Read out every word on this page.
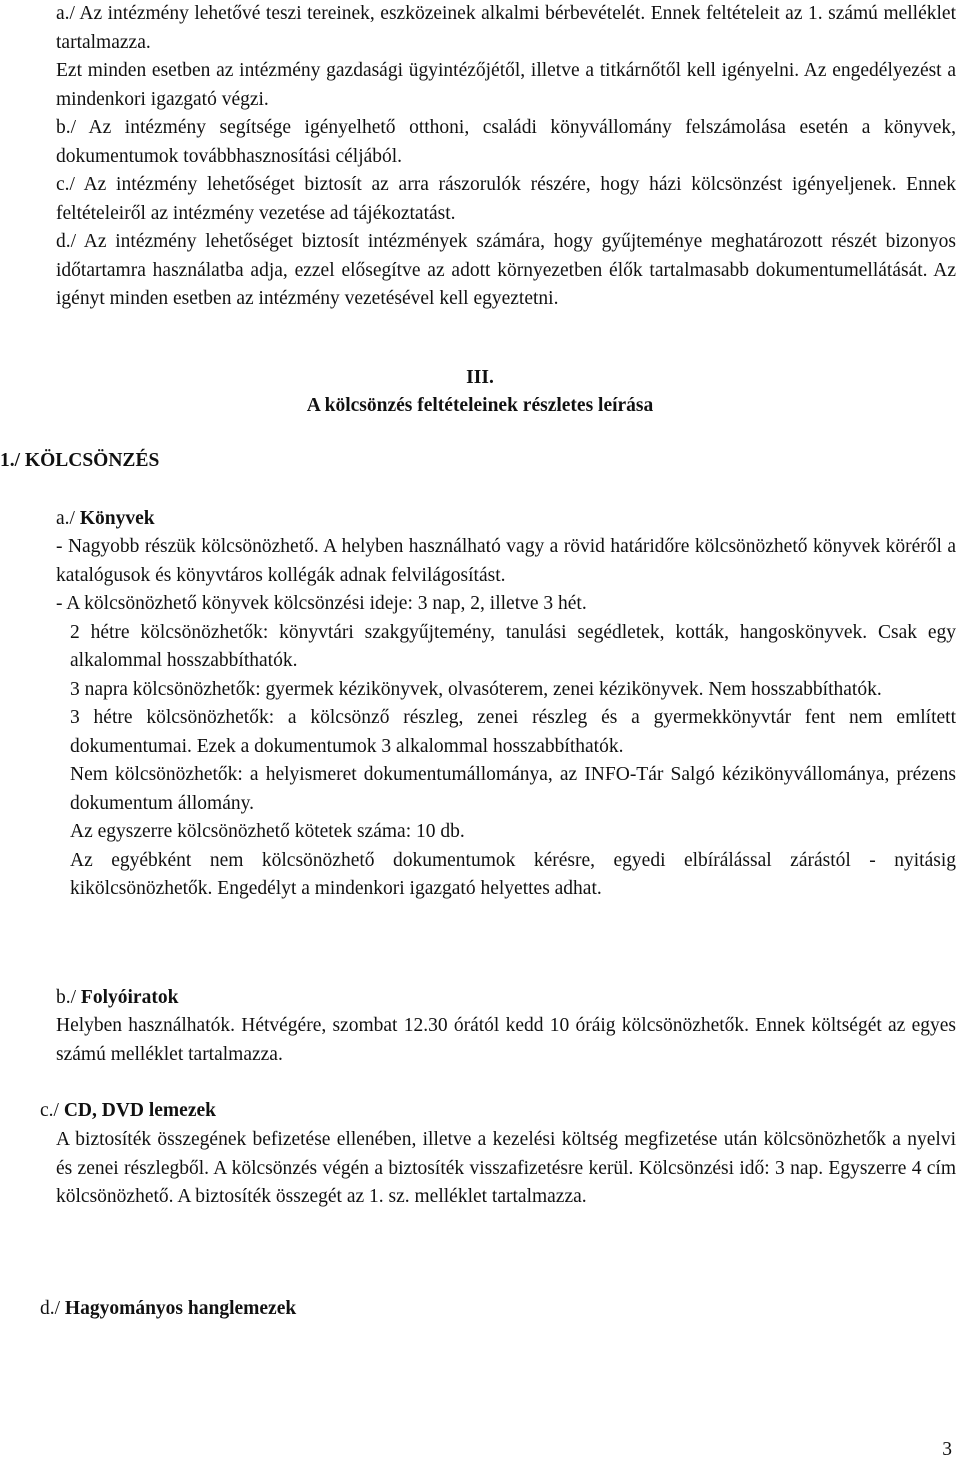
a./ Az intézmény lehetővé teszi tereinek, eszközeinek alkalmi bérbevételét. Ennek feltételeit az 1. számú melléklet tartalmazza.

Ezt minden esetben az intézmény gazdasági ügyintézőjétől, illetve a titkárnőtől kell igényelni. Az engedélyezést a mindenkori igazgató végzi.

b./ Az intézmény segítsége igényelhető otthoni, családi könyvállomány felszámolása esetén a könyvek, dokumentumok továbbhasznosítási céljából.

c./ Az intézmény lehetőséget biztosít az arra rászorulók részére, hogy házi kölcsönzést igényeljenek. Ennek feltételeiről az intézmény vezetése ad tájékoztatást.

d./ Az intézmény lehetőséget biztosít intézmények számára, hogy gyűjteménye meghatározott részét bizonyos időtartamra használatba adja, ezzel elősegítve az adott környezetben élők tartalmasabb dokumentumellátását. Az igényt minden esetben az intézmény vezetésével kell egyeztetni.

III.
A kölcsönzés feltételeinek részletes leírása
1./ KÖLCSÖNZÉS
a./ Könyvek

- Nagyobb részük kölcsönözhető. A helyben használható vagy a rövid határidőre kölcsönözhető könyvek köréről a katalógusok és könyvtáros kollégák adnak felvilágosítást.

- A kölcsönözhető könyvek kölcsönzési ideje: 3 nap, 2, illetve 3 hét.

2 hétre kölcsönözhetők: könyvtári szakgyűjtemény, tanulási segédletek, kották, hangoskönyvek. Csak egy alkalommal hosszabbíthatók.

3 napra kölcsönözhetők: gyermek kézikönyvek, olvasóterem, zenei kézikönyvek. Nem hosszabbíthatók.

3 hétre kölcsönözhetők: a kölcsönző részleg, zenei részleg és a gyermekkönyvtár fent nem említett dokumentumai. Ezek a dokumentumok 3 alkalommal hosszabbíthatók.

Nem kölcsönözhetők: a helyismeret dokumentumállománya, az INFO-Tár Salgó kézikönyvállománya, prézens dokumentum állomány.

Az egyszerre kölcsönözhető kötetek száma: 10 db.

Az egyébként nem kölcsönözhető dokumentumok kérésre, egyedi elbírálással zárástól - nyitásig kikölcsönözhetők. Engedélyt a mindenkori igazgató helyettes adhat.

b./ Folyóiratok

Helyben használhatók. Hétvégére, szombat 12.30 órától kedd 10 óráig kölcsönözhetők. Ennek költségét az egyes számú melléklet tartalmazza.

c./ CD, DVD lemezek

A biztosíték összegének befizetése ellenében, illetve a kezelési költség megfizetése után kölcsönözhetők a nyelvi és zenei részlegből. A kölcsönzés végén a biztosíték visszafizetésre kerül. Kölcsönzési idő: 3 nap. Egyszerre 4 cím kölcsönözhető. A biztosíték összegét az 1. sz. melléklet tartalmazza.

d./ Hagyományos hanglemezek
3
